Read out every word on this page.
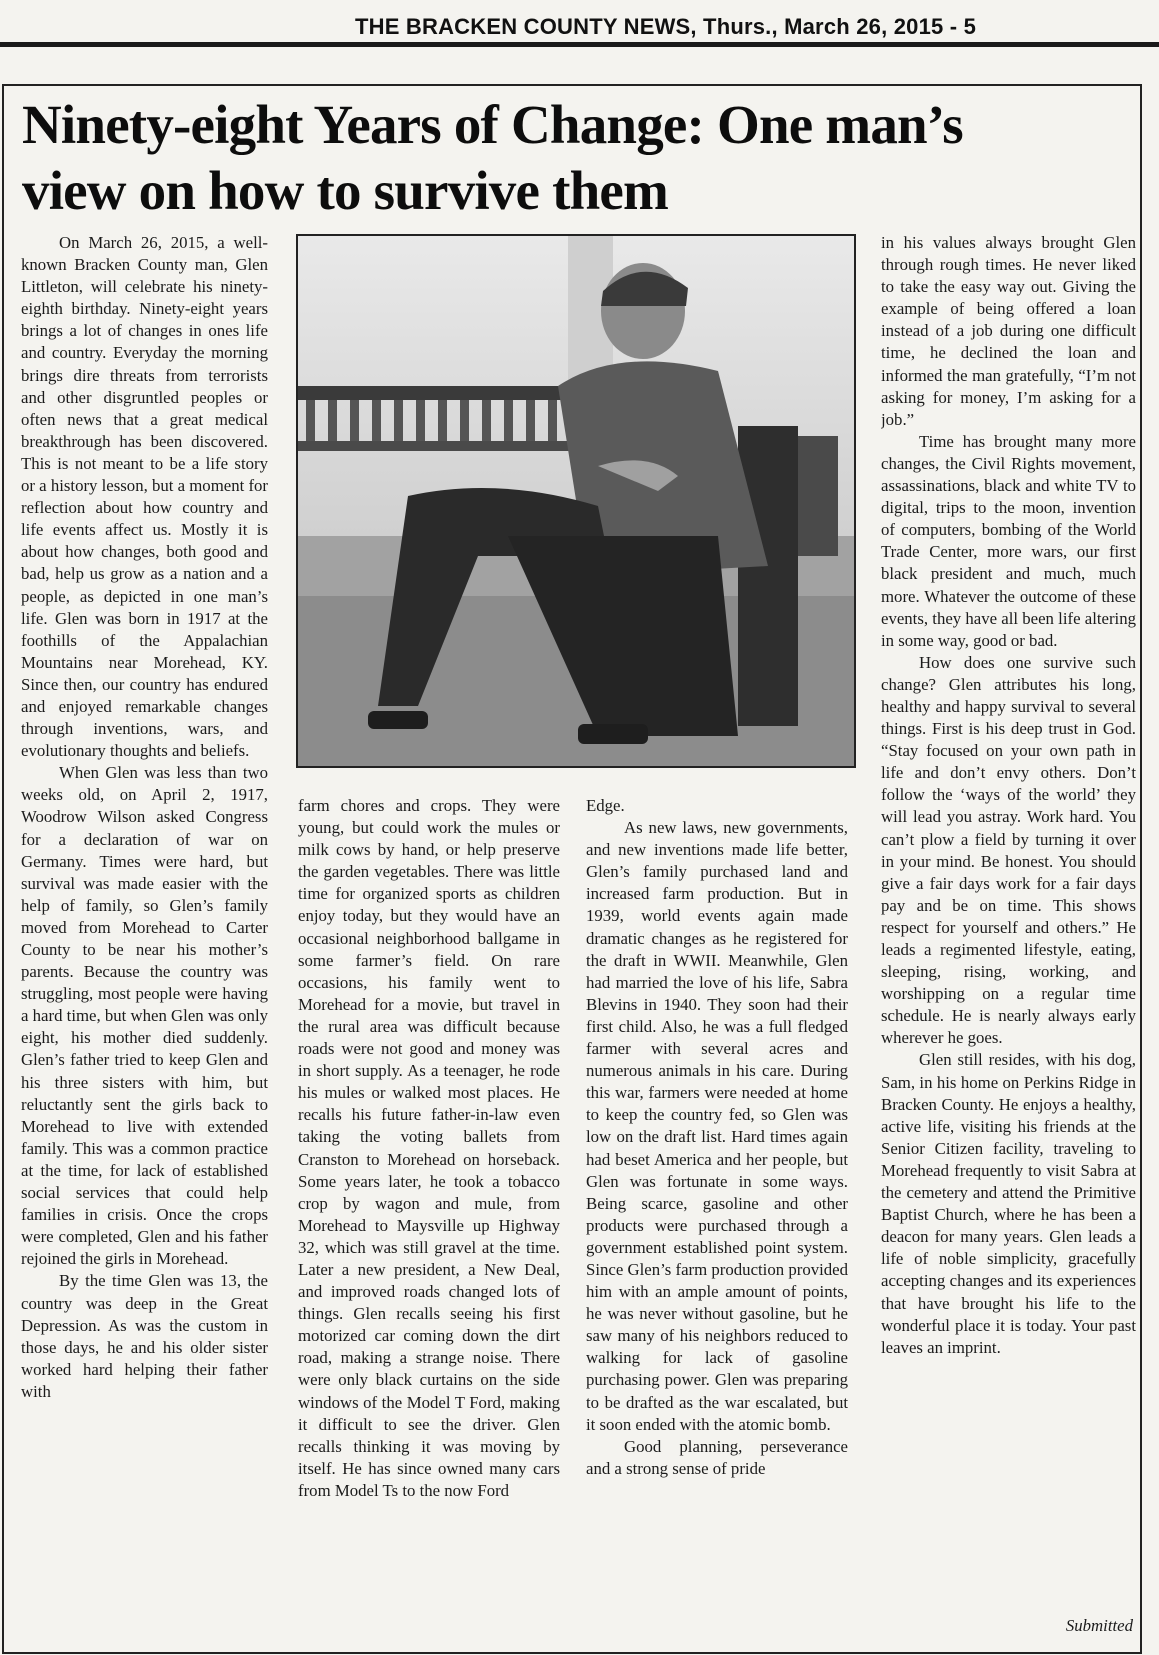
THE BRACKEN COUNTY NEWS, Thurs., March 26, 2015 - 5
Ninety-eight Years of Change: One man’s view on how to survive them

On March 26, 2015, a well-known Bracken County man, Glen Littleton, will celebrate his ninety-eighth birthday. Ninety-eight years brings a lot of changes in ones life and country. Everyday the morning brings dire threats from terrorists and other disgruntled peoples or often news that a great medical breakthrough has been discovered. This is not meant to be a life story or a history lesson, but a moment for reflection about how country and life events affect us. Mostly it is about how changes, both good and bad, help us grow as a nation and a people, as depicted in one man’s life. Glen was born in 1917 at the foothills of the Appalachian Mountains near Morehead, KY. Since then, our country has endured and enjoyed remarkable changes through inventions, wars, and evolutionary thoughts and beliefs.

When Glen was less than two weeks old, on April 2, 1917, Woodrow Wilson asked Congress for a declaration of war on Germany. Times were hard, but survival was made easier with the help of family, so Glen’s family moved from Morehead to Carter County to be near his mother’s parents. Because the country was struggling, most people were having a hard time, but when Glen was only eight, his mother died suddenly. Glen’s father tried to keep Glen and his three sisters with him, but reluctantly sent the girls back to Morehead to live with extended family. This was a common practice at the time, for lack of established social services that could help families in crisis. Once the crops were completed, Glen and his father rejoined the girls in Morehead.

By the time Glen was 13, the country was deep in the Great Depression. As was the custom in those days, he and his older sister worked hard helping their father with

farm chores and crops. They were young, but could work the mules or milk cows by hand, or help preserve the garden vegetables. There was little time for organized sports as children enjoy today, but they would have an occasional neighborhood ballgame in some farmer’s field. On rare occasions, his family went to Morehead for a movie, but travel in the rural area was difficult because roads were not good and money was in short supply. As a teenager, he rode his mules or walked most places. He recalls his future father-in-law even taking the voting ballets from Cranston to Morehead on horseback. Some years later, he took a tobacco crop by wagon and mule, from Morehead to Maysville up Highway 32, which was still gravel at the time. Later a new president, a New Deal, and improved roads changed lots of things. Glen recalls seeing his first motorized car coming down the dirt road, making a strange noise. There were only black curtains on the side windows of the Model T Ford, making it difficult to see the driver. Glen recalls thinking it was moving by itself. He has since owned many cars from Model Ts to the now Ford

Edge.

As new laws, new governments, and new inventions made life better, Glen’s family purchased land and increased farm production. But in 1939, world events again made dramatic changes as he registered for the draft in WWII. Meanwhile, Glen had married the love of his life, Sabra Blevins in 1940. They soon had their first child. Also, he was a full fledged farmer with several acres and numerous animals in his care. During this war, farmers were needed at home to keep the country fed, so Glen was low on the draft list. Hard times again had beset America and her people, but Glen was fortunate in some ways. Being scarce, gasoline and other products were purchased through a government established point system. Since Glen’s farm production provided him with an ample amount of points, he was never without gasoline, but he saw many of his neighbors reduced to walking for lack of gasoline purchasing power. Glen was preparing to be drafted as the war escalated, but it soon ended with the atomic bomb.

Good planning, perseverance and a strong sense of pride

in his values always brought Glen through rough times. He never liked to take the easy way out. Giving the example of being offered a loan instead of a job during one difficult time, he declined the loan and informed the man gratefully, “I’m not asking for money, I’m asking for a job.”

Time has brought many more changes, the Civil Rights movement, assassinations, black and white TV to digital, trips to the moon, invention of computers, bombing of the World Trade Center, more wars, our first black president and much, much more. Whatever the outcome of these events, they have all been life altering in some way, good or bad.

How does one survive such change? Glen attributes his long, healthy and happy survival to several things. First is his deep trust in God. “Stay focused on your own path in life and don’t envy others. Don’t follow the ‘ways of the world’ they will lead you astray. Work hard. You can’t plow a field by turning it over in your mind. Be honest. You should give a fair days work for a fair days pay and be on time. This shows respect for yourself and others.” He leads a regimented lifestyle, eating, sleeping, rising, working, and worshipping on a regular time schedule. He is nearly always early wherever he goes.

Glen still resides, with his dog, Sam, in his home on Perkins Ridge in Bracken County. He enjoys a healthy, active life, visiting his friends at the Senior Citizen facility, traveling to Morehead frequently to visit Sabra at the cemetery and attend the Primitive Baptist Church, where he has been a deacon for many years. Glen leads a life of noble simplicity, gracefully accepting changes and its experiences that have brought his life to the wonderful place it is today. Your past leaves an imprint.

Submitted
